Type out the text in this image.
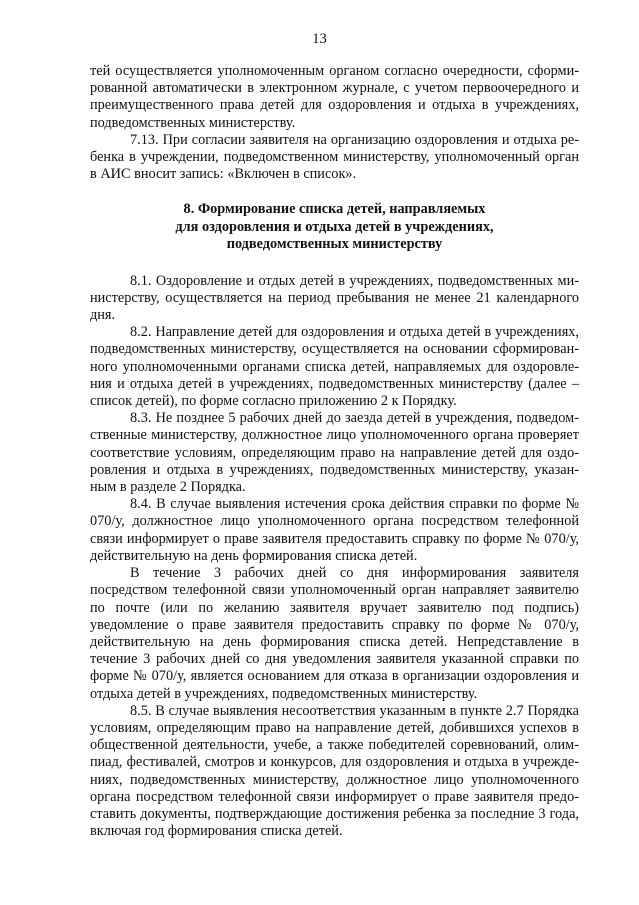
13

тей осуществляется уполномоченным органом согласно очередности, сформированной автоматически в электронном журнале, с учетом первоочередного и преимущественного права детей для оздоровления и отдыха в учреждениях, подведомственных министерству.

7.13. При согласии заявителя на организацию оздоровления и отдыха ребенка в учреждении, подведомственном министерству, уполномоченный орган в АИС вносит запись: «Включен в список».

8. Формирование списка детей, направляемых
для оздоровления и отдыха детей в учреждениях,
подведомственных министерству

8.1. Оздоровление и отдых детей в учреждениях, подведомственных министерству, осуществляется на период пребывания не менее 21 календарного дня.

8.2. Направление детей для оздоровления и отдыха детей в учреждениях, подведомственных министерству, осуществляется на основании сформированного уполномоченными органами списка детей, направляемых для оздоровления и отдыха детей в учреждениях, подведомственных министерству (далее – список детей), по форме согласно приложению 2 к Порядку.

8.3. Не позднее 5 рабочих дней до заезда детей в учреждения, подведомственные министерству, должностное лицо уполномоченного органа проверяет соответствие условиям, определяющим право на направление детей для оздоровления и отдыха в учреждениях, подведомственных министерству, указанным в разделе 2 Порядка.

8.4. В случае выявления истечения срока действия справки по форме № 070/у, должностное лицо уполномоченного органа посредством телефонной связи информирует о праве заявителя предоставить справку по форме № 070/у, действительную на день формирования списка детей.

В течение 3 рабочих дней со дня информирования заявителя посредством телефонной связи уполномоченный орган направляет заявителю по почте (или по желанию заявителя вручает заявителю под подпись) уведомление о праве заявителя предоставить справку по форме № 070/у, действительную на день формирования списка детей. Непредставление в течение 3 рабочих дней со дня уведомления заявителя указанной справки по форме № 070/у, является основанием для отказа в организации оздоровления и отдыха детей в учреждениях, подведомственных министерству.

8.5. В случае выявления несоответствия указанным в пункте 2.7 Порядка условиям, определяющим право на направление детей, добившихся успехов в общественной деятельности, учебе, а также победителей соревнований, олимпиад, фестивалей, смотров и конкурсов, для оздоровления и отдыха в учреждениях, подведомственных министерству, должностное лицо уполномоченного органа посредством телефонной связи информирует о праве заявителя предоставить документы, подтверждающие достижения ребенка за последние 3 года, включая год формирования списка детей.
